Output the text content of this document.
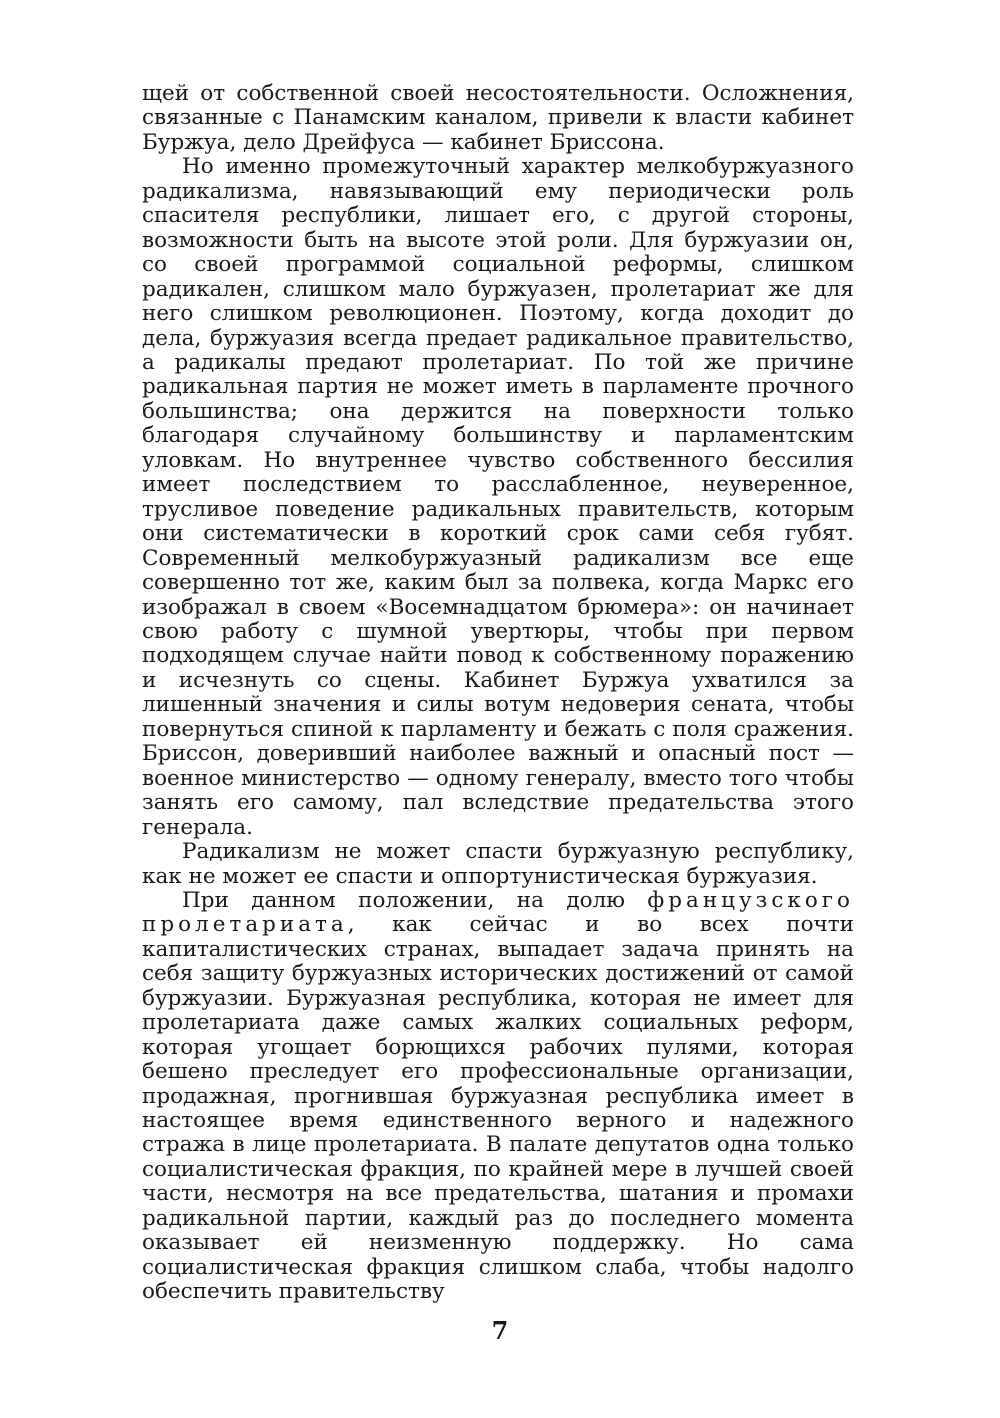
щей от собственной своей несостоятельности. Осложнения, связанные с Панамским каналом, привели к власти кабинет Буржуа, дело Дрейфуса — кабинет Бриссона.

Но именно промежуточный характер мелкобуржуазного радикализма, навязывающий ему периодически роль спасителя республики, лишает его, с другой стороны, возможности быть на высоте этой роли. Для буржуазии он, со своей программой социальной реформы, слишком радикален, слишком мало буржуазен, пролетариат же для него слишком революционен. Поэтому, когда доходит до дела, буржуазия всегда предает радикальное правительство, а радикалы предают пролетариат. По той же причине радикальная партия не может иметь в парламенте прочного большинства; она держится на поверхности только благодаря случайному большинству и парламентским уловкам. Но внутреннее чувство собственного бессилия имеет последствием то расслабленное, неуверенное, трусливое поведение радикальных правительств, которым они систематически в короткий срок сами себя губят. Современный мелкобуржуазный радикализм все еще совершенно тот же, каким был за полвека, когда Маркс его изображал в своем «Восемнадцатом брюмера»: он начинает свою работу с шумной увертюры, чтобы при первом подходящем случае найти повод к собственному поражению и исчезнуть со сцены. Кабинет Буржуа ухватился за лишенный значения и силы вотум недоверия сената, чтобы повернуться спиной к парламенту и бежать с поля сражения. Бриссон, доверивший наиболее важный и опасный пост — военное министерство — одному генералу, вместо того чтобы занять его самому, пал вследствие предательства этого генерала.

Радикализм не может спасти буржуазную республику, как не может ее спасти и оппортунистическая буржуазия.

При данном положении, на долю французского пролетариата, как сейчас и во всех почти капиталистических странах, выпадает задача принять на себя защиту буржуазных исторических достижений от самой буржуазии. Буржуазная республика, которая не имеет для пролетариата даже самых жалких социальных реформ, которая угощает борющихся рабочих пулями, которая бешено преследует его профессиональные организации, продажная, прогнившая буржуазная республика имеет в настоящее время единственного верного и надежного стража в лице пролетариата. В палате депутатов одна только социалистическая фракция, по крайней мере в лучшей своей части, несмотря на все предательства, шатания и промахи радикальной партии, каждый раз до последнего момента оказывает ей неизменную поддержку. Но сама социалистическая фракция слишком слаба, чтобы надолго обеспечить правительству

7
